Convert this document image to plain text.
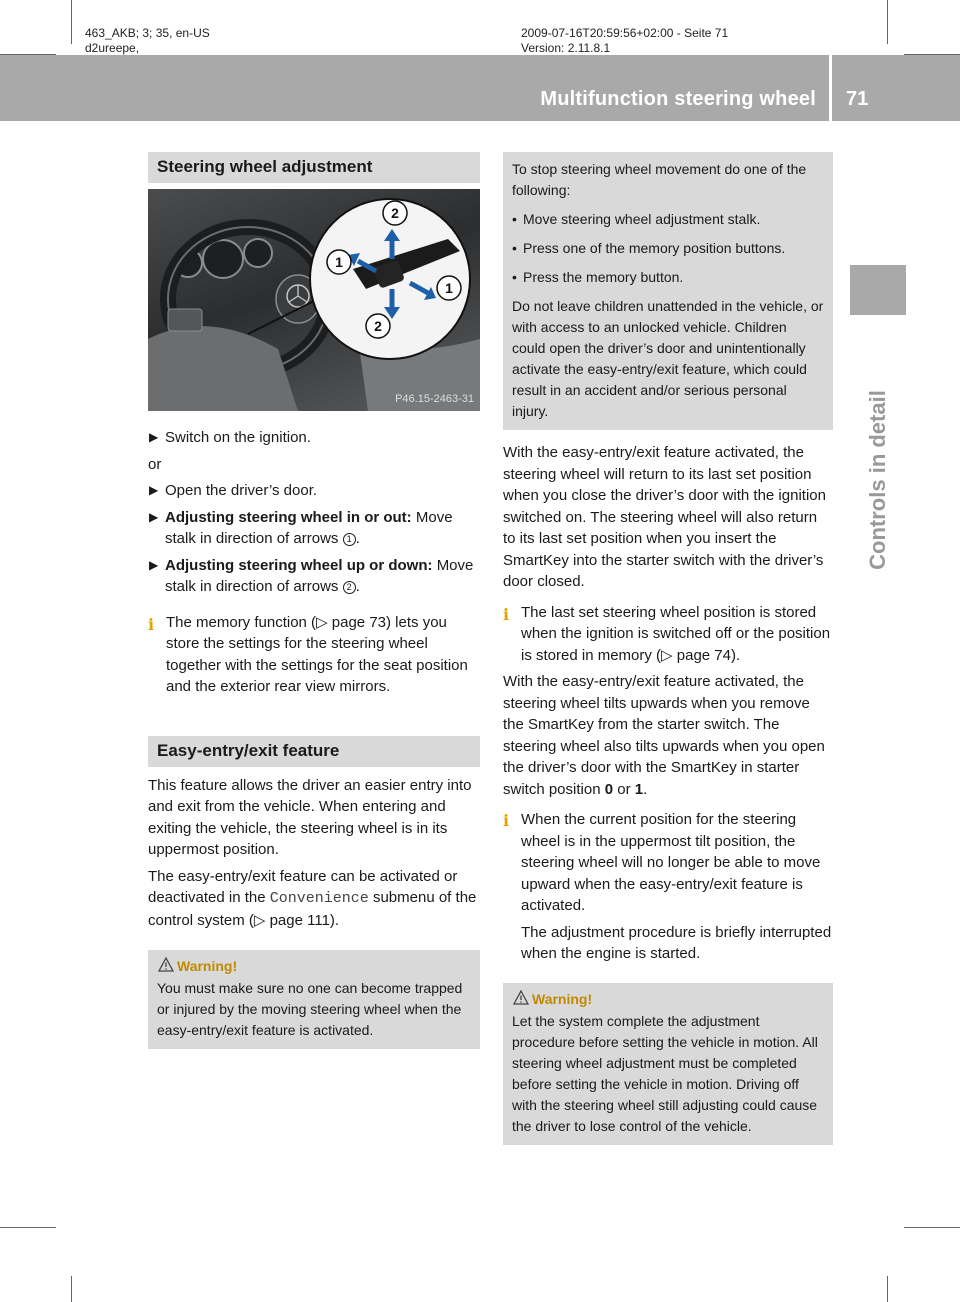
463_AKB; 3; 35, en-US
d2ureepe,
2009-07-16T20:59:56+02:00 - Seite 71
Version: 2.11.8.1
Multifunction steering wheel 71
Controls in detail
Steering wheel adjustment
2
1
1
2
P46.15-2463-31

▶ Switch on the ignition.

or

▶ Open the driver’s door.

▶ Adjusting steering wheel in or out: Move stalk in direction of arrows 1 .

▶ Adjusting steering wheel up or down: Move stalk in direction of arrows 2 .

i The memory function (▷ page 73) lets you store the settings for the steering wheel together with the settings for the seat position and the exterior rear view mirrors.

Easy-entry/exit feature

This feature allows the driver an easier entry into and exit from the vehicle. When entering and exiting the vehicle, the steering wheel is in its uppermost position.

The easy-entry/exit feature can be activated or deactivated in the Convenience submenu of the control system (▷ page 111).

Warning!

You must make sure no one can become trapped or injured by the moving steering wheel when the easy-entry/exit feature is activated.

To stop steering wheel movement do one of the following:

• Move steering wheel adjustment stalk.

• Press one of the memory position buttons.

• Press the memory button.

Do not leave children unattended in the vehicle, or with access to an unlocked vehicle. Children could open the driver’s door and unintentionally activate the easy-entry/exit feature, which could result in an accident and/or serious personal injury.

With the easy-entry/exit feature activated, the steering wheel will return to its last set position when you close the driver’s door with the ignition switched on. The steering wheel will also return to its last set position when you insert the SmartKey into the starter switch with the driver’s door closed.

i The last set steering wheel position is stored when the ignition is switched off or the position is stored in memory (▷ page 74).

With the easy-entry/exit feature activated, the steering wheel tilts upwards when you remove the SmartKey from the starter switch. The steering wheel also tilts upwards when you open the driver’s door with the SmartKey in starter switch position 0 or 1.

i When the current position for the steering wheel is in the uppermost tilt position, the steering wheel will no longer be able to move upward when the easy-entry/exit feature is activated.

The adjustment procedure is briefly interrupted when the engine is started.

Warning!

Let the system complete the adjustment procedure before setting the vehicle in motion. All steering wheel adjustment must be completed before setting the vehicle in motion. Driving off with the steering wheel still adjusting could cause the driver to lose control of the vehicle.
